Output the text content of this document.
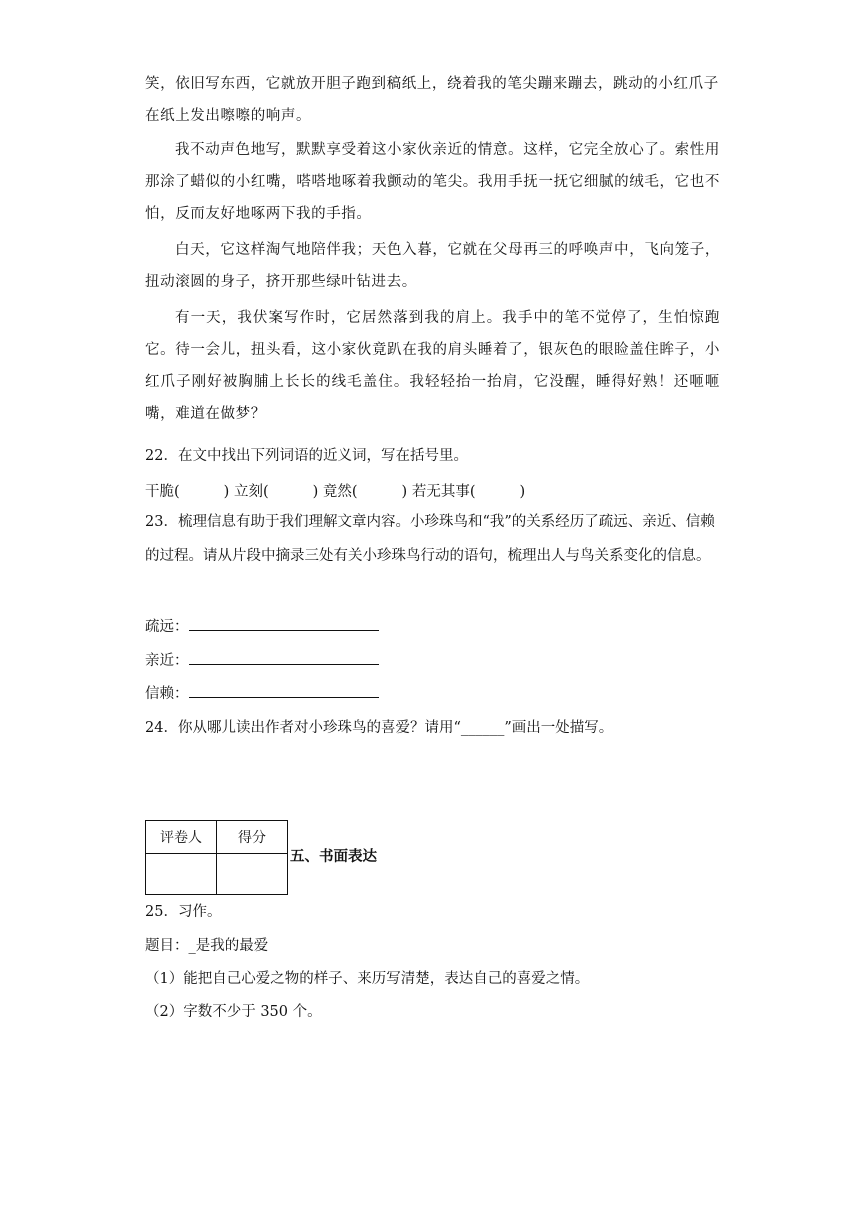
笑，依旧写东西，它就放开胆子跑到稿纸上，绕着我的笔尖蹦来蹦去，跳动的小红爪子

在纸上发出嚓嚓的响声。

我不动声色地写，默默享受着这小家伙亲近的情意。这样，它完全放心了。索性用那涂了蜡似的小红嘴，嗒嗒地啄着我颤动的笔尖。我用手抚一抚它细腻的绒毛，它也不怕，反而友好地啄两下我的手指。

白天，它这样淘气地陪伴我；天色入暮，它就在父母再三的呼唤声中，飞向笼子，扭动滚圆的身子，挤开那些绿叶钻进去。

有一天，我伏案写作时，它居然落到我的肩上。我手中的笔不觉停了，生怕惊跑它。待一会儿，扭头看，这小家伙竟趴在我的肩头睡着了，银灰色的眼睑盖住眸子，小红爪子刚好被胸脯上长长的线毛盖住。我轻轻抬一抬肩，它没醒，睡得好熟！还咂咂嘴，难道在做梦？

22．在文中找出下列词语的近义词，写在括号里。

干脆(	) 立刻(	) 竟然(	) 若无其事(	)

23．梳理信息有助于我们理解文章内容。小珍珠鸟和“我”的关系经历了疏远、亲近、信赖的过程。请从片段中摘录三处有关小珍珠鸟行动的语句，梳理出人与鸟关系变化的信息。

疏远：
亲近：
信赖：

24．你从哪儿读出作者对小珍珠鸟的喜爱？请用“______”画出一处描写。

评卷人	得分

五、书面表达

25．习作。

题目：_是我的最爱

（1）能把自己心爱之物的样子、来历写清楚，表达自己的喜爱之情。

（2）字数不少于 350 个。
